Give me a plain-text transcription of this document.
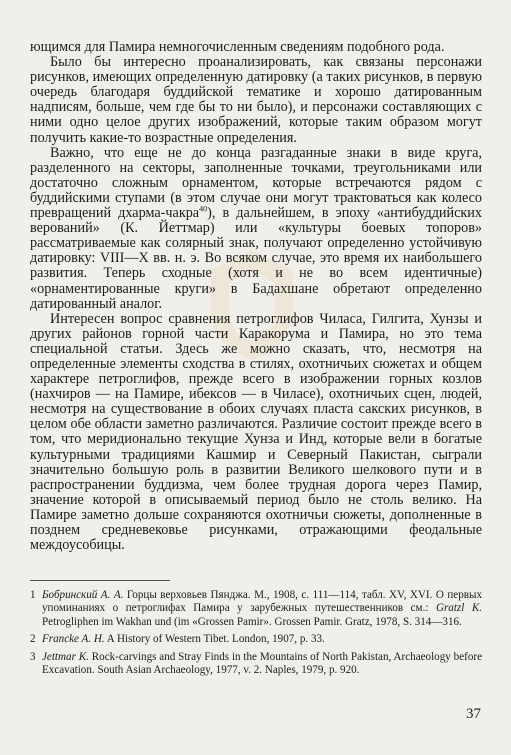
ющимся для Памира немногочисленным сведениям подобного рода.

Было бы интересно проанализировать, как связаны персонажи рисунков, имеющих определенную датировку (а таких рисунков, в первую очередь благодаря буддийской тематике и хорошо датированным надписям, больше, чем где бы то ни было), и персонажи составляющих с ними одно целое других изображений, которые таким образом могут получить какие-то возрастные определения.

Важно, что еще не до конца разгаданные знаки в виде круга, разделенного на секторы, заполненные точками, треугольниками или достаточно сложным орнаментом, которые встречаются рядом с буддийскими ступами (в этом случае они могут трактоваться как колесо превращений дхарма-чакра$^{40}$), в дальнейшем, в эпоху «антибуддийских верований» (К. Йеттмар) или «культуры боевых топоров» рассматриваемые как солярный знак, получают определенно устойчивую датировку: VIII—X вв. н. э. Во всяком случае, это время их наибольшего развития. Теперь сходные (хотя и не во всем идентичные) «орнаментированные круги» в Бадахшане обретают определенно датированный аналог.

Интересен вопрос сравнения петроглифов Чиласа, Гилгита, Хунзы и других районов горной части Каракорума и Памира, но это тема специальной статьи. Здесь же можно сказать, что, несмотря на определенные элементы сходства в стилях, охотничьих сюжетах и общем характере петроглифов, прежде всего в изображении горных козлов (нахчиров — на Памире, ибексов — в Чиласе), охотничьих сцен, людей, несмотря на существование в обоих случаях пласта сакских рисунков, в целом обе области заметно различаются. Различие состоит прежде всего в том, что меридионально текущие Хунза и Инд, которые вели в богатые культурными традициями Кашмир и Северный Пакистан, сыграли значительно большую роль в развитии Великого шелкового пути и в распространении буддизма, чем более трудная дорога через Памир, значение которой в описываемый период было не столь велико. На Памире заметно дольше сохраняются охотничьи сюжеты, дополненные в позднем средневековье рисунками, отражающими феодальные междоусобицы.

1 Бобринский А. А. Горцы верховьев Пянджа. М., 1908, с. 111—114, табл. XV, XVI. О первых упоминаниях о петроглифах Памира у зарубежных путешественников см.: Gratzl K. Petrogliphen im Wakhan und (im «Grossen Pamir». Grossen Pamir. Gratz, 1978, S. 314—316.

2 Francke A. H. A History of Western Tibet. London, 1907, p. 33.

3 Jettmar K. Rock-carvings and Stray Finds in the Mountains of North Pakistan, Archaeology before Excavation. South Asian Archaeology, 1977, v. 2. Naples, 1979, p. 920.

37
